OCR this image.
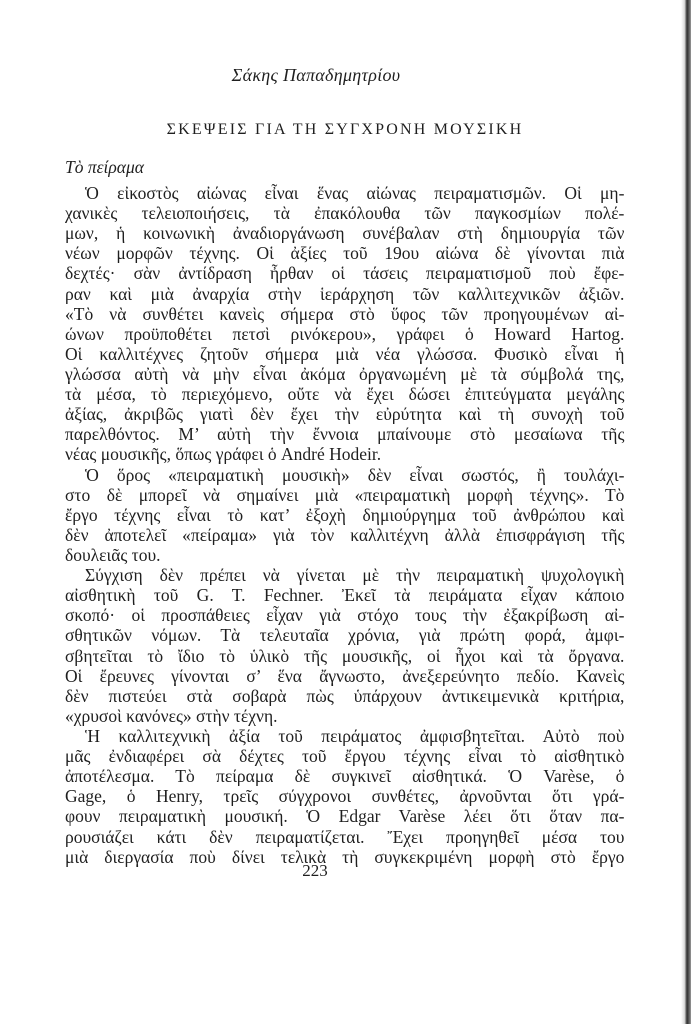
Σάκης Παπαδημητρίου
ΣΚΕΨΕΙΣ ΓΙΑ ΤΗ ΣΥΓΧΡΟΝΗ ΜΟΥΣΙΚΗ
Τὸ πείραμα
Ὁ εἰκοστὸς αἰώνας εἶναι ἕνας αἰώνας πειραματισμῶν. Οἱ μη-
χανικὲς τελειοποιήσεις, τὰ ἐπακόλουθα τῶν παγκοσμίων πολέ-
μων, ἡ κοινωνικὴ ἀναδιοργάνωση συνέβαλαν στὴ δημιουργία τῶν
νέων μορφῶν τέχνης. Οἱ ἀξίες τοῦ 19ου αἰώνα δὲ γίνονται πιὰ
δεχτές· σὰν ἀντίδραση ἦρθαν οἱ τάσεις πειραματισμοῦ ποὺ ἔφε-
ραν καὶ μιὰ ἀναρχία στὴν ἱεράρχηση τῶν καλλιτεχνικῶν ἀξιῶν.
«Τὸ νὰ συνθέτει κανεὶς σήμερα στὸ ὕφος τῶν προηγουμένων αἰ-
ώνων προϋποθέτει πετσὶ ρινόκερου», γράφει ὁ Howard Hartog.
Οἱ καλλιτέχνες ζητοῦν σήμερα μιὰ νέα γλώσσα. Φυσικὸ εἶναι ἡ
γλώσσα αὐτὴ νὰ μὴν εἶναι ἀκόμα ὀργανωμένη μὲ τὰ σύμβολά της,
τὰ μέσα, τὸ περιεχόμενο, οὔτε νὰ ἔχει δώσει ἐπιτεύγματα μεγάλης
ἀξίας, ἀκριβῶς γιατὶ δὲν ἔχει τὴν εὐρύτητα καὶ τὴ συνοχὴ τοῦ
παρελθόντος. Μ’ αὐτὴ τὴν ἔννοια μπαίνουμε στὸ μεσαίωνα τῆς
νέας μουσικῆς, ὅπως γράφει ὁ André Hodeir.
Ὁ ὅρος «πειραματικὴ μουσικὴ» δὲν εἶναι σωστός, ἢ τουλάχι-
στο δὲ μπορεῖ νὰ σημαίνει μιὰ «πειραματικὴ μορφὴ τέχνης». Τὸ
ἔργο τέχνης εἶναι τὸ κατ’ ἐξοχὴ δημιούργημα τοῦ ἀνθρώπου καὶ
δὲν ἀποτελεῖ «πείραμα» γιὰ τὸν καλλιτέχνη ἀλλὰ ἐπισφράγιση τῆς
δουλειᾶς του.
Σύγχιση δὲν πρέπει νὰ γίνεται μὲ τὴν πειραματικὴ ψυχολογικὴ
αἰσθητικὴ τοῦ G. T. Fechner. Ἐκεῖ τὰ πειράματα εἶχαν κάποιο
σκοπό· οἱ προσπάθειες εἶχαν γιὰ στόχο τους τὴν ἐξακρίβωση αἰ-
σθητικῶν νόμων. Τὰ τελευταῖα χρόνια, γιὰ πρώτη φορά, ἀμφι-
σβητεῖται τὸ ἴδιο τὸ ὑλικὸ τῆς μουσικῆς, οἱ ἦχοι καὶ τὰ ὄργανα.
Οἱ ἔρευνες γίνονται σ’ ἕνα ἄγνωστο, ἀνεξερεύνητο πεδίο. Κανεὶς
δὲν πιστεύει στὰ σοβαρὰ πὼς ὑπάρχουν ἀντικειμενικὰ κριτήρια,
«χρυσοὶ κανόνες» στὴν τέχνη.
Ἡ καλλιτεχνικὴ ἀξία τοῦ πειράματος ἀμφισβητεῖται. Αὐτὸ ποὺ
μᾶς ἐνδιαφέρει σὰ δέχτες τοῦ ἔργου τέχνης εἶναι τὸ αἰσθητικὸ
ἀποτέλεσμα. Τὸ πείραμα δὲ συγκινεῖ αἰσθητικά. Ὁ Varèse, ὁ
Gage, ὁ Henry, τρεῖς σύγχρονοι συνθέτες, ἀρνοῦνται ὅτι γρά-
φουν πειραματικὴ μουσική. Ὁ Edgar Varèse λέει ὅτι ὅταν πα-
ρουσιάζει κάτι δὲν πειραματίζεται. Ἔχει προηγηθεῖ μέσα του
μιὰ διεργασία ποὺ δίνει τελικὰ τὴ συγκεκριμένη μορφὴ στὸ ἔργο
223
